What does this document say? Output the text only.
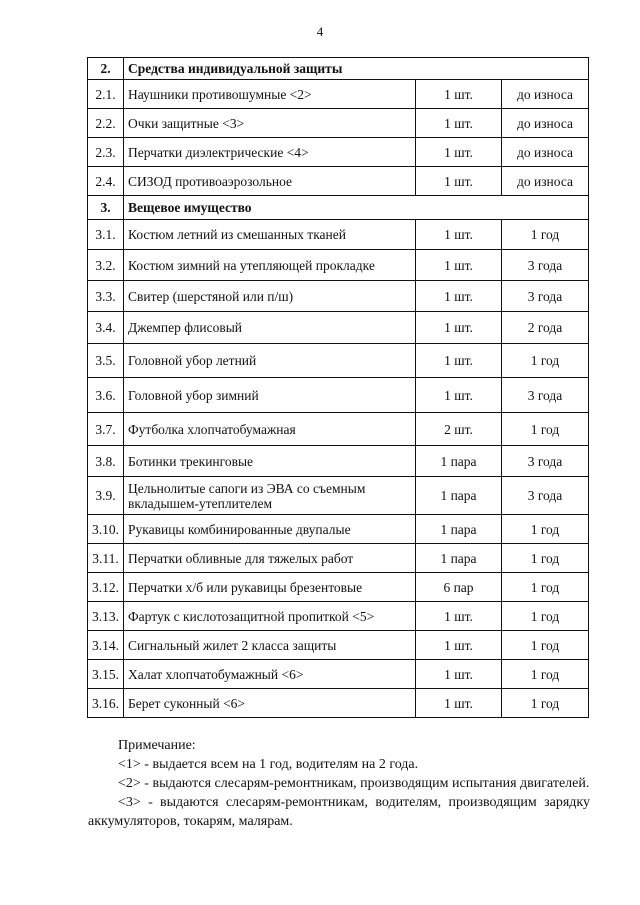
4
2.	Средства индивидуальной защиты		
2.1.	Наушники противошумные <2>	1 шт.	до износа
2.2.	Очки защитные <3>	1 шт.	до износа
2.3.	Перчатки диэлектрические <4>	1 шт.	до износа
2.4.	СИЗОД противоаэрозольное	1 шт.	до износа
3.	Вещевое имущество		
3.1.	Костюм летний из смешанных тканей	1 шт.	1 год
3.2.	Костюм зимний на утепляющей прокладке	1 шт.	3 года
3.3.	Свитер (шерстяной или п/ш)	1 шт.	3 года
3.4.	Джемпер флисовый	1 шт.	2 года
3.5.	Головной убор летний	1 шт.	1 год
3.6.	Головной убор зимний	1 шт.	3 года
3.7.	Футболка хлопчатобумажная	2 шт.	1 год
3.8.	Ботинки трекинговые	1 пара	3 года
3.9.	Цельнолитые сапоги из ЭВА со съемным вкладышем-утеплителем	1 пара	3 года
3.10.	Рукавицы комбинированные двупалые	1 пара	1 год
3.11.	Перчатки обливные для тяжелых работ	1 пара	1 год
3.12.	Перчатки х/б или рукавицы брезентовые	6 пар	1 год
3.13.	Фартук с кислотозащитной пропиткой <5>	1 шт.	1 год
3.14.	Сигнальный жилет 2 класса защиты	1 шт.	1 год
3.15.	Халат хлопчатобумажный <6>	1 шт.	1 год
3.16.	Берет суконный <6>	1 шт.	1 год

Примечание:

<1> - выдается всем на 1 год, водителям на 2 года.

<2> - выдаются слесарям-ремонтникам, производящим испытания двигателей.

<3> - выдаются слесарям-ремонтникам, водителям, производящим зарядку аккумуляторов, токарям, малярам.
